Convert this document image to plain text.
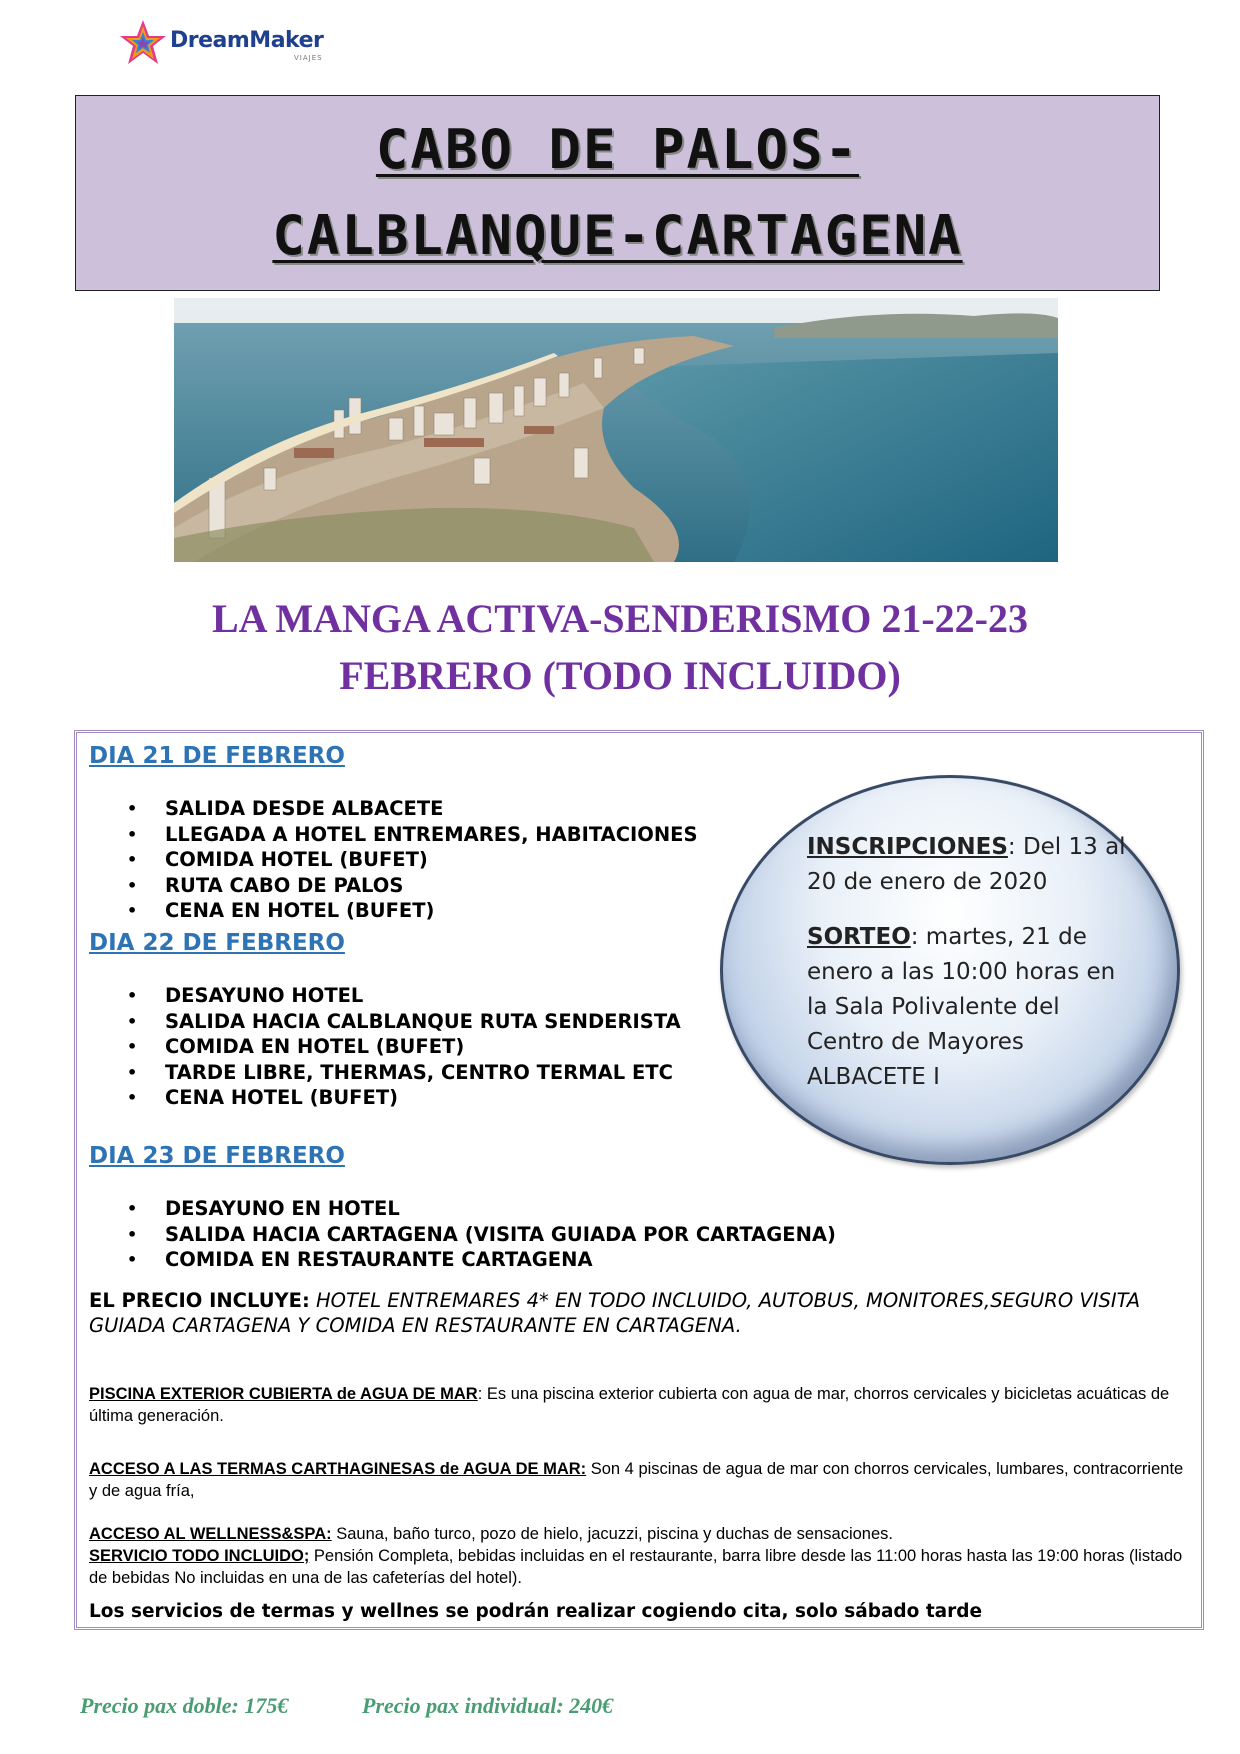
DreamMaker
VIAJES
CABO DE PALOS-
CALBLANQUE-CARTAGENA
LA MANGA ACTIVA-SENDERISMO 21-22-23
FEBRERO (TODO INCLUIDO)
DIA 21 DE FEBRERO
• SALIDA DESDE ALBACETE
• LLEGADA A HOTEL ENTREMARES, HABITACIONES
• COMIDA HOTEL (BUFET)
• RUTA CABO DE PALOS
• CENA EN HOTEL (BUFET)
DIA 22 DE FEBRERO
• DESAYUNO HOTEL
• SALIDA HACIA CALBLANQUE RUTA SENDERISTA
• COMIDA EN HOTEL (BUFET)
• TARDE LIBRE, THERMAS, CENTRO TERMAL ETC
• CENA HOTEL (BUFET)
DIA 23 DE FEBRERO
• DESAYUNO EN HOTEL
• SALIDA HACIA CARTAGENA (VISITA GUIADA POR CARTAGENA)
• COMIDA EN RESTAURANTE CARTAGENA
EL PRECIO INCLUYE: HOTEL ENTREMARES 4* EN TODO INCLUIDO, AUTOBUS, MONITORES,SEGURO VISITA GUIADA CARTAGENA Y COMIDA EN RESTAURANTE EN CARTAGENA.
PISCINA EXTERIOR CUBIERTA de AGUA DE MAR: Es una piscina exterior cubierta con agua de mar, chorros cervicales y bicicletas acuáticas de última generación.
ACCESO A LAS TERMAS CARTHAGINESAS de AGUA DE MAR: Son 4 piscinas de agua de mar con chorros cervicales, lumbares, contracorriente y de agua fría,
ACCESO AL WELLNESS&SPA: Sauna, baño turco, pozo de hielo, jacuzzi, piscina y duchas de sensaciones.
SERVICIO TODO INCLUIDO; Pensión Completa, bebidas incluidas en el restaurante, barra libre desde las 11:00 horas hasta las 19:00 horas (listado de bebidas No incluidas en una de las cafeterías del hotel).
Los servicios de termas y wellnes se podrán realizar cogiendo cita, solo sábado tarde

INSCRIPCIONES: Del 13 al 20 de enero de 2020

SORTEO: martes, 21 de enero a las 10:00 horas en la Sala Polivalente del Centro de Mayores ALBACETE I

Precio pax doble: 175€	Precio pax individual: 240€
